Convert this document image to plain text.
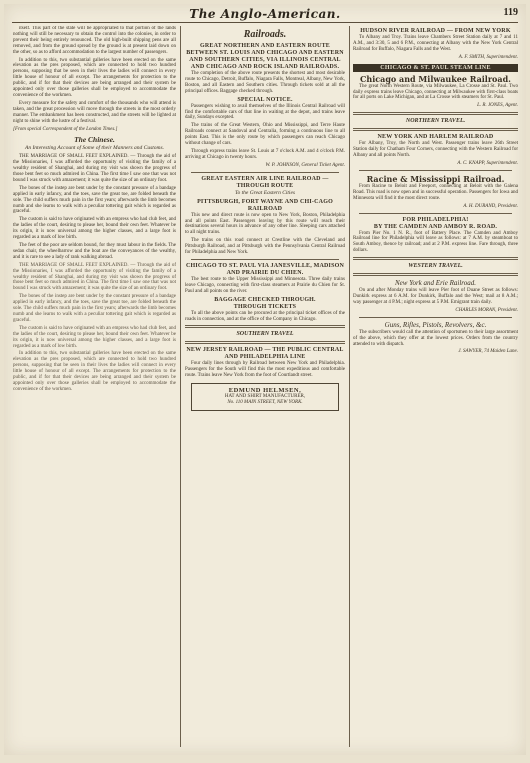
The Anglo-American.	119

itself. This part of the state will be appropriated to that portion of the lands nothing will still be necessary to obtain the control into the colonies, in order to prevent their being entirely renounced. The old high-built shipping pens are all removed, and from the ground spread by the ground is at present laid down on the other, so as to afford accommodation to the largest number of passengers.

In addition to this, two substantial galleries have been erected on the same elevation as the pres proposed, which are connected to hold two hundred persons, supposing that be seen in their lives the ladies will connect in every little house of honour of all except. The arrangements for protection to the public, and if for that their devices are being arranged and their system be appointed only over those galleries shall be employed to accommodate the convenience of the workmen.

Every measure for the safety and comfort of the thousands who will attend is taken, and the great procession will move through the streets in the most orderly manner. The embankment has been constructed, and the streets will be lighted at night to shine with the lustre of a festival.

[From special Correspondent of the London Times.]
The Chinese.
An Interesting Account of Some of their Manners and Customs.

THE MARRIAGE OF SMALL FEET EXPLAINED. — Through the aid of the Missionaries, I was afforded the opportunity of visiting the family of a wealthy resident of Shanghai, and during my visit was shown the progress of those bent feet so much admired in China. The first time I saw one that was not bound I was struck with amazement; it was quite the size of an ordinary foot.

The bones of the instep are bent under by the constant pressure of a bandage applied in early infancy, and the toes, save the great toe, are folded beneath the sole. The child suffers much pain in the first years; afterwards the limb becomes numb and she learns to walk with a peculiar tottering gait which is regarded as graceful.

The custom is said to have originated with an empress who had club feet, and the ladies of the court, desiring to please her, bound their own feet. Whatever be its origin, it is now universal among the higher classes, and a large foot is regarded as a mark of low birth.

The feet of the poor are seldom bound, for they must labour in the fields. The sedan chair, the wheelbarrow and the boat are the conveyances of the wealthy, and it is rare to see a lady of rank walking abroad.

THE MARRIAGE OF SMALL FEET EXPLAINED. — Through the aid of the Missionaries, I was afforded the opportunity of visiting the family of a wealthy resident of Shanghai, and during my visit was shown the progress of those bent feet so much admired in China. The first time I saw one that was not bound I was struck with amazement; it was quite the size of an ordinary foot.

The bones of the instep are bent under by the constant pressure of a bandage applied in early infancy, and the toes, save the great toe, are folded beneath the sole. The child suffers much pain in the first years; afterwards the limb becomes numb and she learns to walk with a peculiar tottering gait which is regarded as graceful.

The custom is said to have originated with an empress who had club feet, and the ladies of the court, desiring to please her, bound their own feet. Whatever be its origin, it is now universal among the higher classes, and a large foot is regarded as a mark of low birth.

In addition to this, two substantial galleries have been erected on the same elevation as the pres proposed, which are connected to hold two hundred persons, supposing that be seen in their lives the ladies will connect in every little house of honour of all except. The arrangements for protection to the public, and if for that their devices are being arranged and their system be appointed only over those galleries shall be employed to accommodate the convenience of the workmen.

Railroads.
GREAT NORTHERN AND EASTERN ROUTE BETWEEN ST. LOUIS AND CHICAGO AND EASTERN AND SOUTHERN CITIES, VIA ILLINOIS CENTRAL AND CHICAGO AND ROCK ISLAND RAILROADS.

The completion of the above route presents the shortest and most desirable route to Chicago, Detroit, Buffalo, Niagara Falls, Montreal, Albany, New York, Boston, and all Eastern and Southern cities. Through tickets sold at all the principal offices. Baggage checked through.

SPECIAL NOTICE.

Passengers wishing to avail themselves of the Illinois Central Railroad will find the comfortable cars of that line in waiting at the depot, and trains leave daily, Sundays excepted.

The trains of the Great Western, Ohio and Mississippi, and Terre Haute Railroads connect at Sandoval and Centralia, forming a continuous line to all points East. This is the only route by which passengers can reach Chicago without change of cars.

Through express trains leave St. Louis at 7 o'clock A.M. and 4 o'clock P.M. arriving at Chicago in twenty hours.

W. P. JOHNSON, General Ticket Agent.
GREAT EASTERN AIR LINE RAILROAD — THROUGH ROUTE
To the Great Eastern Cities
PITTSBURGH, FORT WAYNE AND CHI-CAGO RAILROAD

This new and direct route is now open to New York, Boston, Philadelphia and all points East. Passengers leaving by this route will reach their destinations several hours in advance of any other line. Sleeping cars attached to all night trains.

The trains on this road connect at Crestline with the Cleveland and Pittsburgh Railroad, and at Pittsburgh with the Pennsylvania Central Railroad for Philadelphia and New York.

CHICAGO TO ST. PAUL VIA JANESVILLE, MADISON AND PRAIRIE DU CHIEN.

The best route to the Upper Mississippi and Minnesota. Three daily trains leave Chicago, connecting with first-class steamers at Prairie du Chien for St. Paul and all points on the river.

BAGGAGE CHECKED THROUGH.
THROUGH TICKETS

To all the above points can be procured at the principal ticket offices of the roads in connection, and at the office of the Company in Chicago.

SOUTHERN TRAVEL
NEW JERSEY RAILROAD — THE PUBLIC CENTRAL AND PHILADELPHIA LINE

Four daily lines through by Railroad between New York and Philadelphia. Passengers for the South will find this the most expeditious and comfortable route. Trains leave New York from the foot of Courtlandt street.

EDMUND HELMSEN,
HAT AND SHIRT MANUFACTURER,
No. 110 MAIN STREET, NEW YORK.
HUDSON RIVER RAILROAD — FROM NEW YORK

To Albany and Troy. Trains leave Chambers Street Station daily at 7 and 11 A.M., and 3:30, 5 and 6 P.M., connecting at Albany with the New York Central Railroad for Buffalo, Niagara Falls and the West.

A. F. SMITH, Superintendent.
CHICAGO & ST. PAUL STEAM LINE
Chicago and Milwaukee Railroad.

The great North Western Route, via Milwaukee, La Crosse and St. Paul. Two daily express trains leave Chicago, connecting at Milwaukee with first-class boats for all ports on Lake Michigan, and at La Crosse with steamers for St. Paul.

L. R. JONES, Agent.
NORTHERN TRAVEL.
NEW YORK AND HARLEM RAILROAD

For Albany, Troy, the North and West. Passenger trains leave 26th Street Station daily for Chatham Four Corners, connecting with the Western Railroad for Albany and all points North.

A. C. KNAPP, Superintendent.
Racine & Mississippi Railroad.

From Racine to Beloit and Freeport, connecting at Beloit with the Galena Road. This road is now open and in successful operation. Passengers for Iowa and Minnesota will find it the most direct route.

A. H. DURAND, President.
FOR PHILADELPHIA!
BY THE CAMDEN AND AMBOY R. ROAD.

From Pier No. 1 N. R., foot of Battery Place. The Camden and Amboy Railroad line for Philadelphia will leave as follows: at 7 A.M. by steamboat to South Amboy, thence by railroad; and at 2 P.M. express line. Fare through, three dollars.

WESTERN TRAVEL.
New York and Erie Railroad.

On and after Monday trains will leave Pier foot of Duane Street as follows: Dunkirk express at 6 A.M. for Dunkirk, Buffalo and the West; mail at 8 A.M.; way passenger at 4 P.M.; night express at 5 P.M. Emigrant train daily.

CHARLES MORAN, President.
Guns, Rifles, Pistols, Revolvers, &c.

The subscribers would call the attention of sportsmen to their large assortment of the above, which they offer at the lowest prices. Orders from the country attended to with dispatch.

J. SAWYER, 74 Maiden Lane.
